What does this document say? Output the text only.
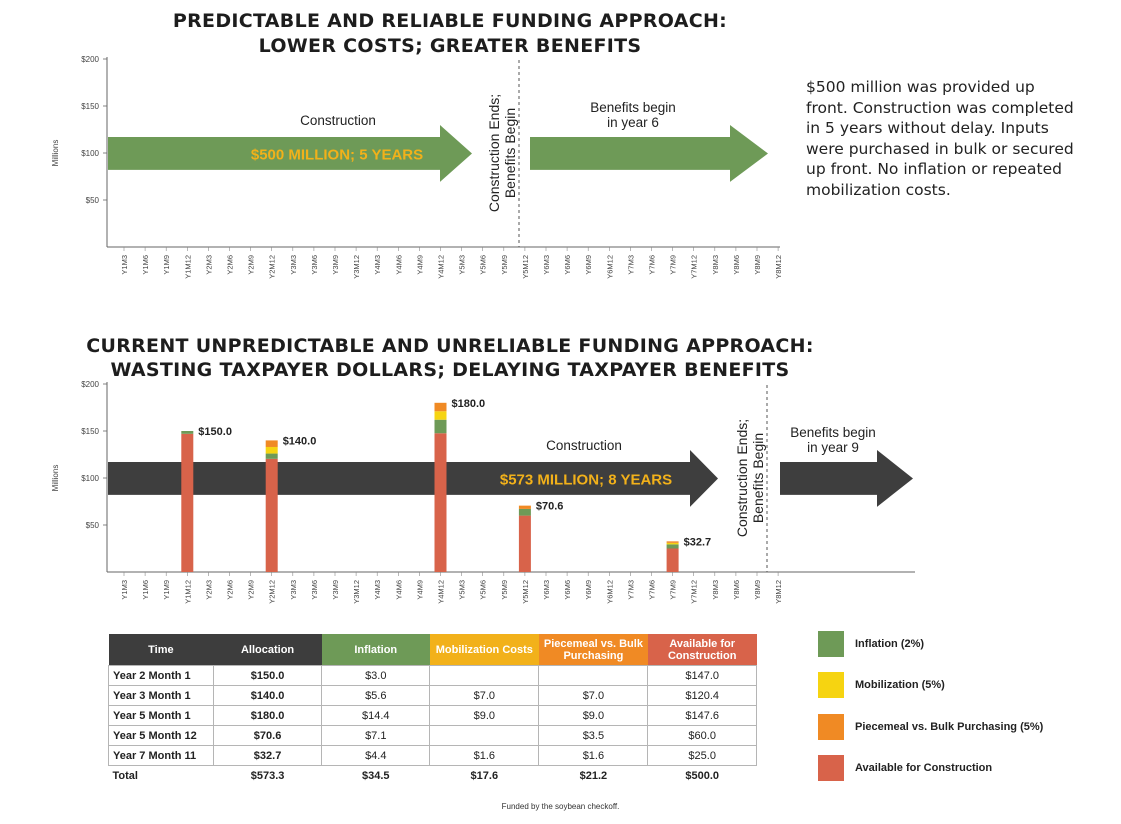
PREDICTABLE AND RELIABLE FUNDING APPROACH:
LOWER COSTS; GREATER BENEFITS
Millions
$200
$150
$100
$50
Y1M3 Y1M6 Y1M9 Y1M12 Y2M3 Y2M6 Y2M9 Y2M12 Y3M3 Y3M6 Y3M9 Y3M12 Y4M3 Y4M6 Y4M9 Y4M12 Y5M3 Y5M6 Y5M9 Y5M12 Y6M3 Y6M6 Y6M9 Y6M12 Y7M3 Y7M6 Y7M9 Y7M12 Y8M3 Y8M6 Y8M9 Y8M12
Construction
$500 MILLION; 5 YEARS	Construction Ends; Benefits Begin
Benefits begin
in year 6

$500 million was provided up front. Construction was completed in 5 years without delay. Inputs were purchased in bulk or secured up front. No inflation or repeated mobilization costs.

CURRENT UNPREDICTABLE AND UNRELIABLE FUNDING APPROACH:
WASTING TAXPAYER DOLLARS; DELAYING TAXPAYER BENEFITS
Millions
$200
$150
$100
$50
Y1M3 Y1M6 Y1M9 Y1M12 Y2M3 Y2M6 Y2M9 Y2M12 Y3M3 Y3M6 Y3M9 Y3M12 Y4M3 Y4M6 Y4M9 Y4M12 Y5M3 Y5M6 Y5M9 Y5M12 Y6M3 Y6M6 Y6M9 Y6M12 Y7M3 Y7M6 Y7M9 Y7M12 Y8M3 Y8M6 Y8M9 Y8M12
Construction
$573 MILLION; 8 YEARS	Construction Ends; Benefits Begin
Benefits begin
in year 9
$150.0
$140.0
$180.0
$70.6
$32.7
Time	Allocation	Inflation	Mobilization Costs	Piecemeal vs. Bulk Purchasing	Available for Construction
Year 2 Month 1	$150.0	$3.0			$147.0
Year 3 Month 1	$140.0	$5.6	$7.0	$7.0	$120.4
Year 5 Month 1	$180.0	$14.4	$9.0	$9.0	$147.6
Year 5 Month 12	$70.6	$7.1		$3.5	$60.0
Year 7 Month 11	$32.7	$4.4	$1.6	$1.6	$25.0
Total	$573.3	$34.5	$17.6	$21.2	$500.0
Inflation (2%)
Mobilization (5%)
Piecemeal vs. Bulk Purchasing (5%)
Available for Construction
Funded by the soybean checkoff.
